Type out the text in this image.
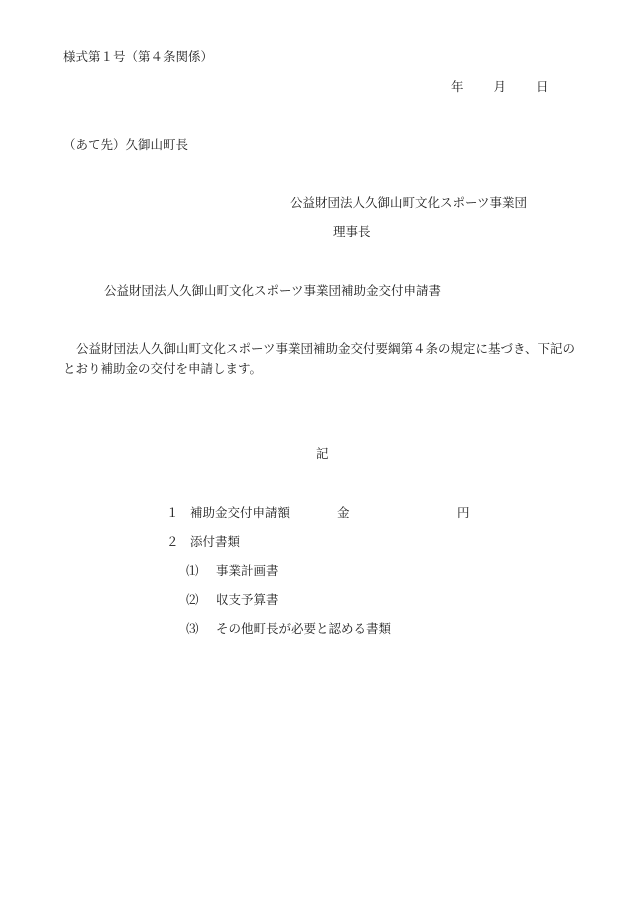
様式第１号（第４条関係）
年 月 日
（あて先）久御山町長
公益財団法人久御山町文化スポーツ事業団
理事長
公益財団法人久御山町文化スポーツ事業団補助金交付申請書

公益財団法人久御山町文化スポーツ事業団補助金交付要綱第４条の規定に基づき、下記のとおり補助金の交付を申請します。

記
１ 補助金交付申請額	金	円
２ 添付書類
⑴ 事業計画書
⑵ 収支予算書
⑶ その他町長が必要と認める書類
